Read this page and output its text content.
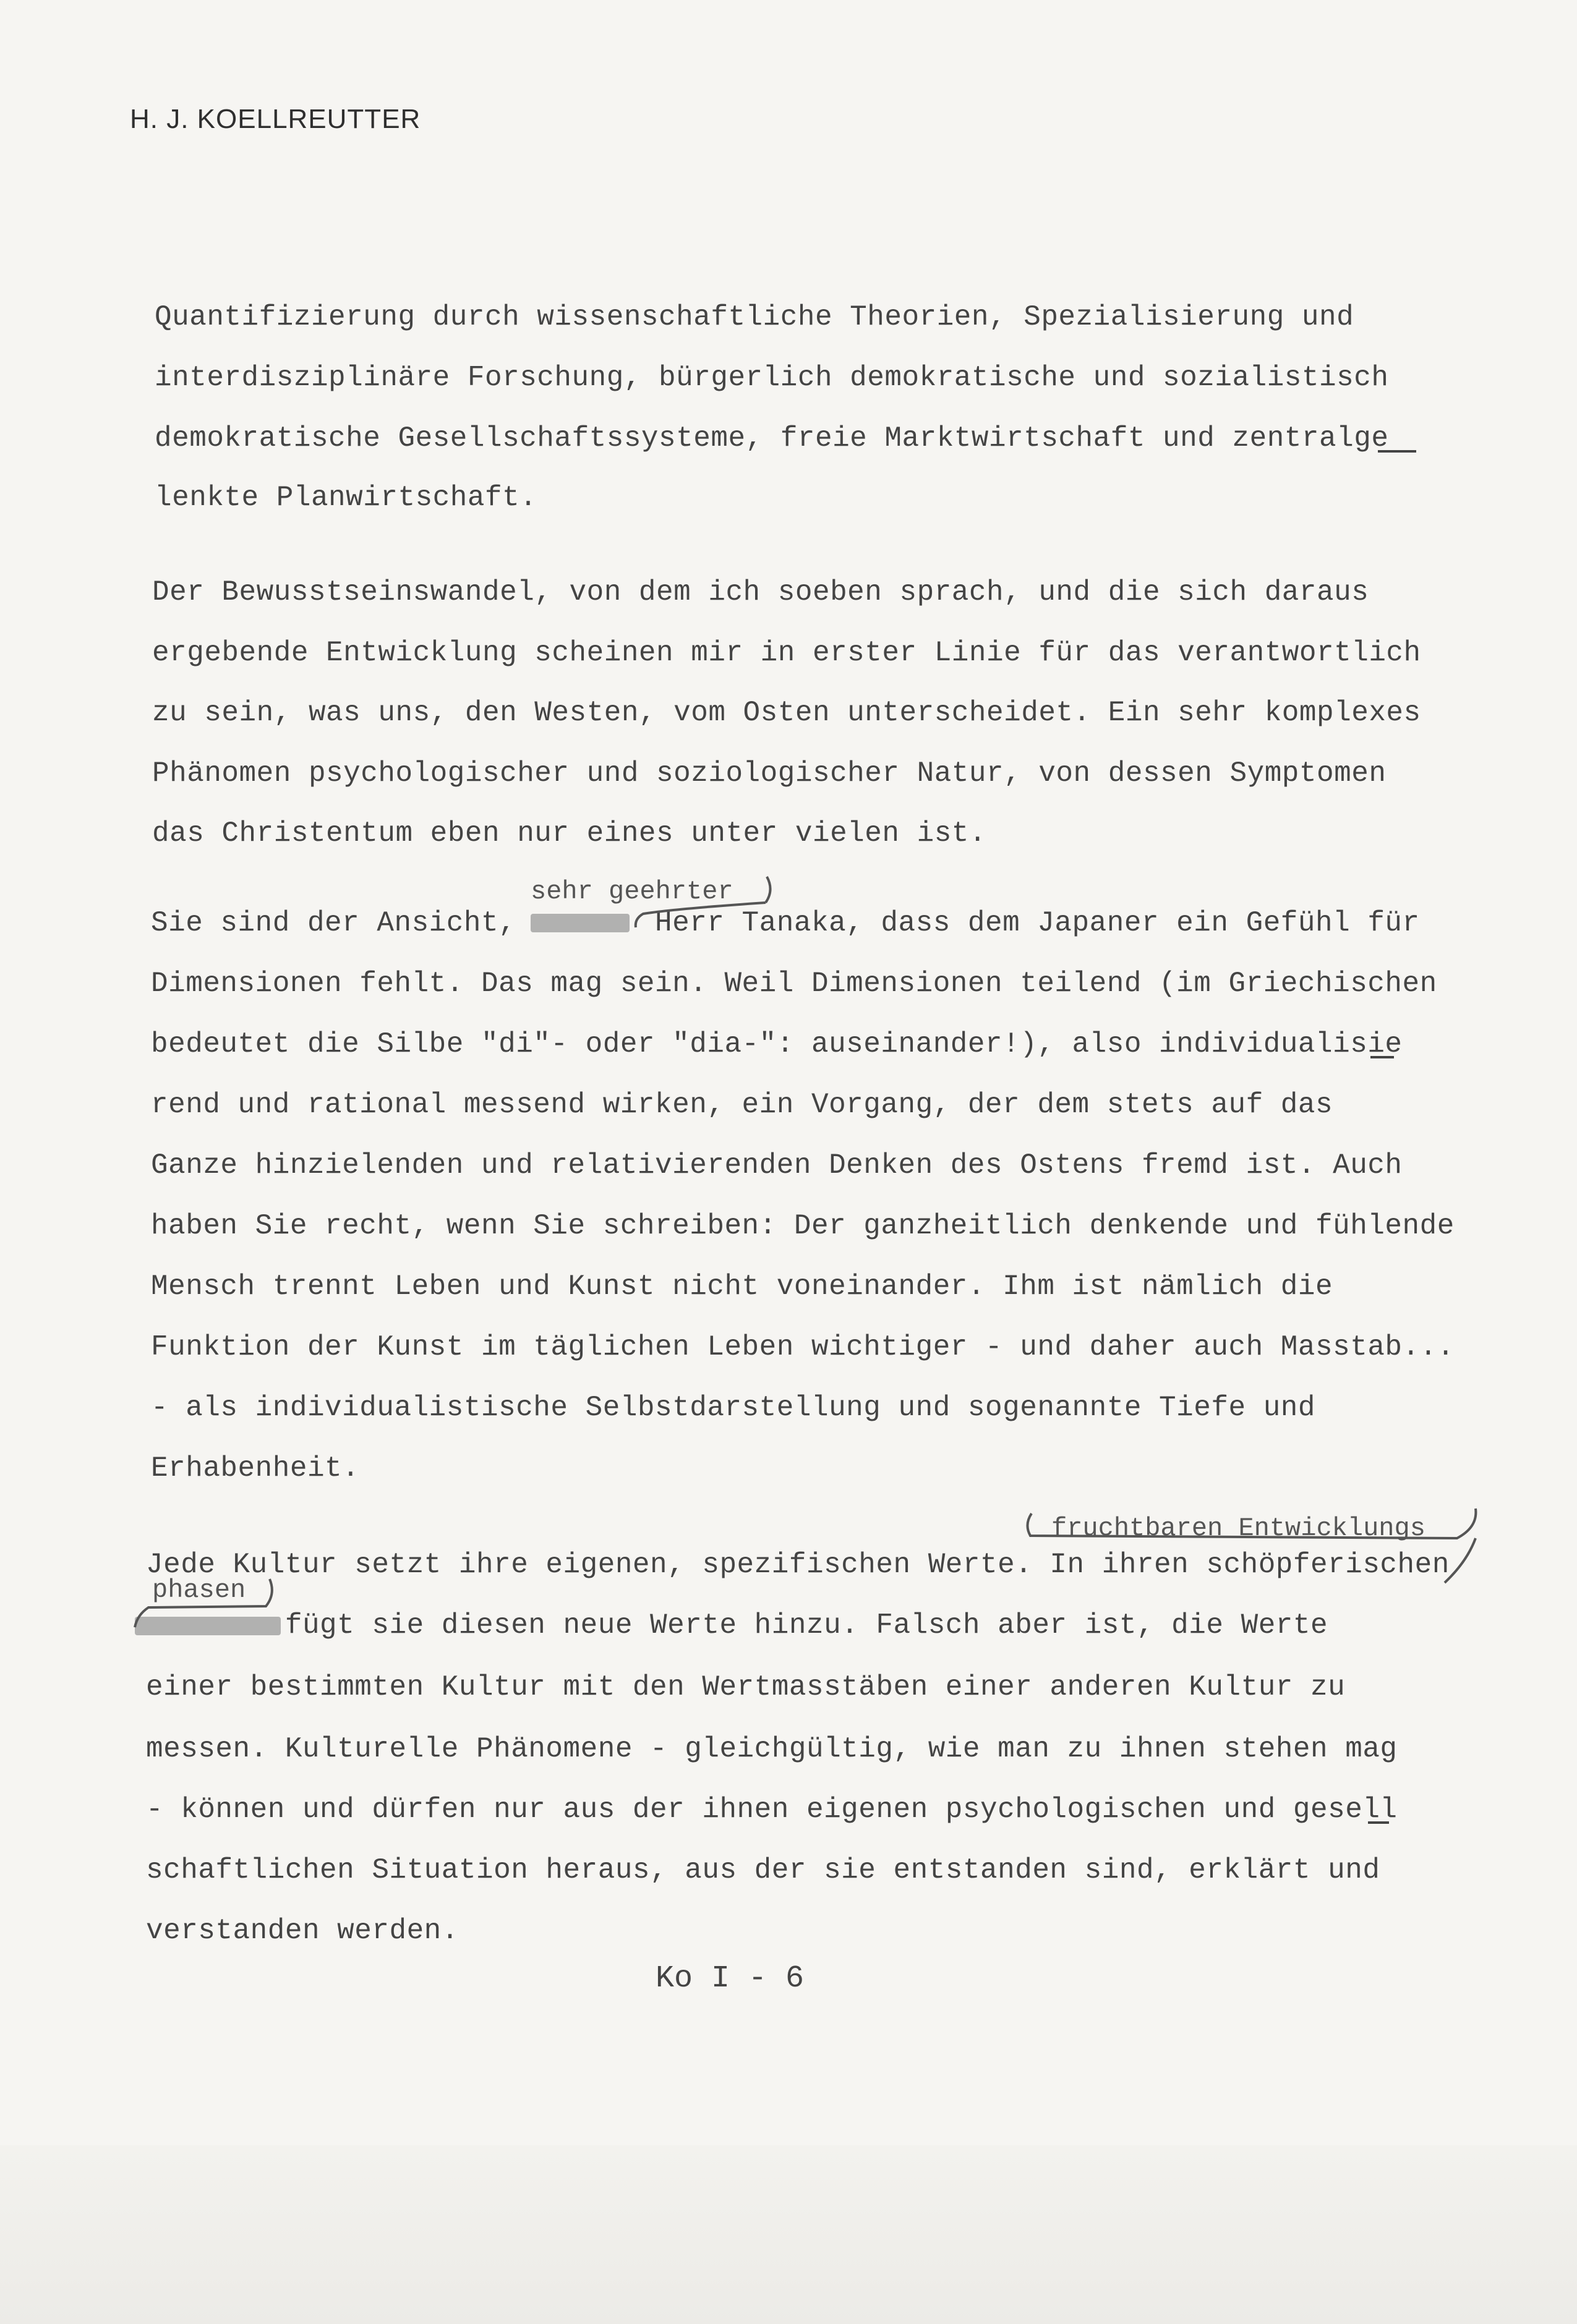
H. J. KOELLREUTTER
Quantifizierung durch wissenschaftliche Theorien, Spezialisierung und
interdisziplinäre Forschung, bürgerlich demokratische und sozialistisch
demokratische Gesellschaftssysteme, freie Marktwirtschaft und zentralge
lenkte Planwirtschaft.
Der Bewusstseinswandel, von dem ich soeben sprach, und die sich daraus
ergebende Entwicklung scheinen mir in erster Linie für das verantwortlich
zu sein, was uns, den Westen, vom Osten unterscheidet. Ein sehr komplexes
Phänomen psychologischer und soziologischer Natur, von dessen Symptomen
das Christentum eben nur eines unter vielen ist.
sehr geehrter
Sie sind der Ansicht,        Herr Tanaka, dass dem Japaner ein Gefühl für
Dimensionen fehlt. Das mag sein. Weil Dimensionen teilend (im Griechischen
bedeutet die Silbe "di"- oder "dia-": auseinander!), also individualisie
rend und rational messend wirken, ein Vorgang, der dem stets auf das
Ganze hinzielenden und relativierenden Denken des Ostens fremd ist. Auch
haben Sie recht, wenn Sie schreiben: Der ganzheitlich denkende und fühlende
Mensch trennt Leben und Kunst nicht voneinander. Ihm ist nämlich die
Funktion der Kunst im täglichen Leben wichtiger - und daher auch Masstab...
- als individualistische Selbstdarstellung und sogenannte Tiefe und
Erhabenheit.
fruchtbaren Entwicklungs
Jede Kultur setzt ihre eigenen, spezifischen Werte. In ihren schöpferischen
phasen
fügt sie diesen neue Werte hinzu. Falsch aber ist, die Werte
einer bestimmten Kultur mit den Wertmasstäben einer anderen Kultur zu
messen. Kulturelle Phänomene - gleichgültig, wie man zu ihnen stehen mag
- können und dürfen nur aus der ihnen eigenen psychologischen und gesell
schaftlichen Situation heraus, aus der sie entstanden sind, erklärt und
verstanden werden.
Ko I - 6
